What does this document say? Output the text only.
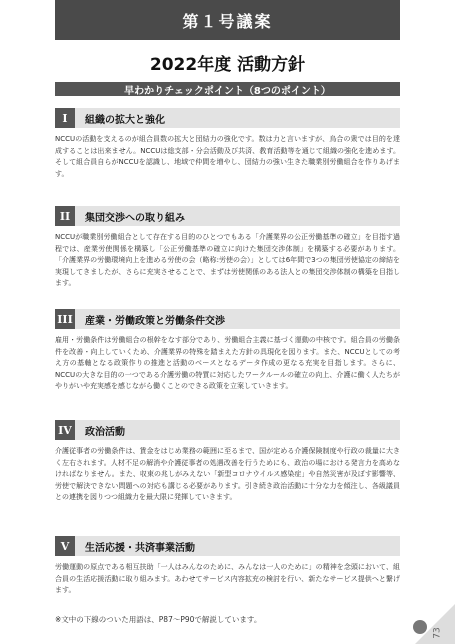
第１号議案
2022年度 活動方針
早わかりチェックポイント（8つのポイント）
I	組織の拡大と強化
NCCUの活動を支えるのが組合員数の拡大と団結力の強化です。数は力と言いますが、烏合の衆では目的を達成することは出来ません。NCCUは総支部・分会活動及び共済、教育活動等を通じて組織の強化を進めます。そして組合員自らがNCCUを認識し、地域で仲間を増やし、団結力の強い生きた職業別労働組合を作りあげます。
II	集団交渉への取り組み
NCCUが職業別労働組合として存在する目的のひとつでもある「介護業界の公正労働基準の確立」を目指す過程では、産業労使関係を構築し「公正労働基準の確立に向けた集団交渉体制」を構築する必要があります。「介護業界の労働環境向上を進める労使の会（略称:労使の会）」としては6年間で3つの集団労使協定の締結を実現してきましたが、さらに充実させることで、まずは労使関係のある法人との集団交渉体制の構築を目指します。
III 産業・労働政策と労働条件交渉
雇用・労働条件は労働組合の根幹をなす部分であり、労働組合主義に基づく運動の中核です。組合員の労働条件を改善・向上していくため、介護業界の特殊を踏まえた方針の具現化を図ります。また、NCCUとしての考え方の基軸となる政策作りの推進と活動のベースとなるデータ作成の更なる充実を目指します。さらに、NCCUの大きな目的の一つである介護労働の特質に対応したワークルールの確立の向上、介護に働く人たちがやりがいや充実感を感じながら働くことのできる政策を立案していきます。
IV	政治活動
介護従事者の労働条件は、賃金をはじめ業務の範囲に至るまで、国が定める介護保険制度や行政の裁量に大きく左右されます。人材不足の解消や介護従事者の処遇改善を行うためにも、政治の場における発言力を高めなければなりません。また、収束の兆しがみえない「新型コロナウイルス感染症」や自然災害が及ぼす影響等、労使で解決できない問題への対応も講じる必要があります。引き続き政治活動に十分な力を傾注し、各級議員との連携を図りつつ組織力を最大限に発揮していきます。
V	生活応援・共済事業活動
労働運動の原点である相互扶助「一人はみんなのために、みんなは一人のために」の精神を念頭において、組合員の生活応援活動に取り組みます。あわせてサービス内容拡充の検討を行い、新たなサービス提供へと繋げます。
※文中の下線のついた用語は、P87～P90で解説しています。
73
